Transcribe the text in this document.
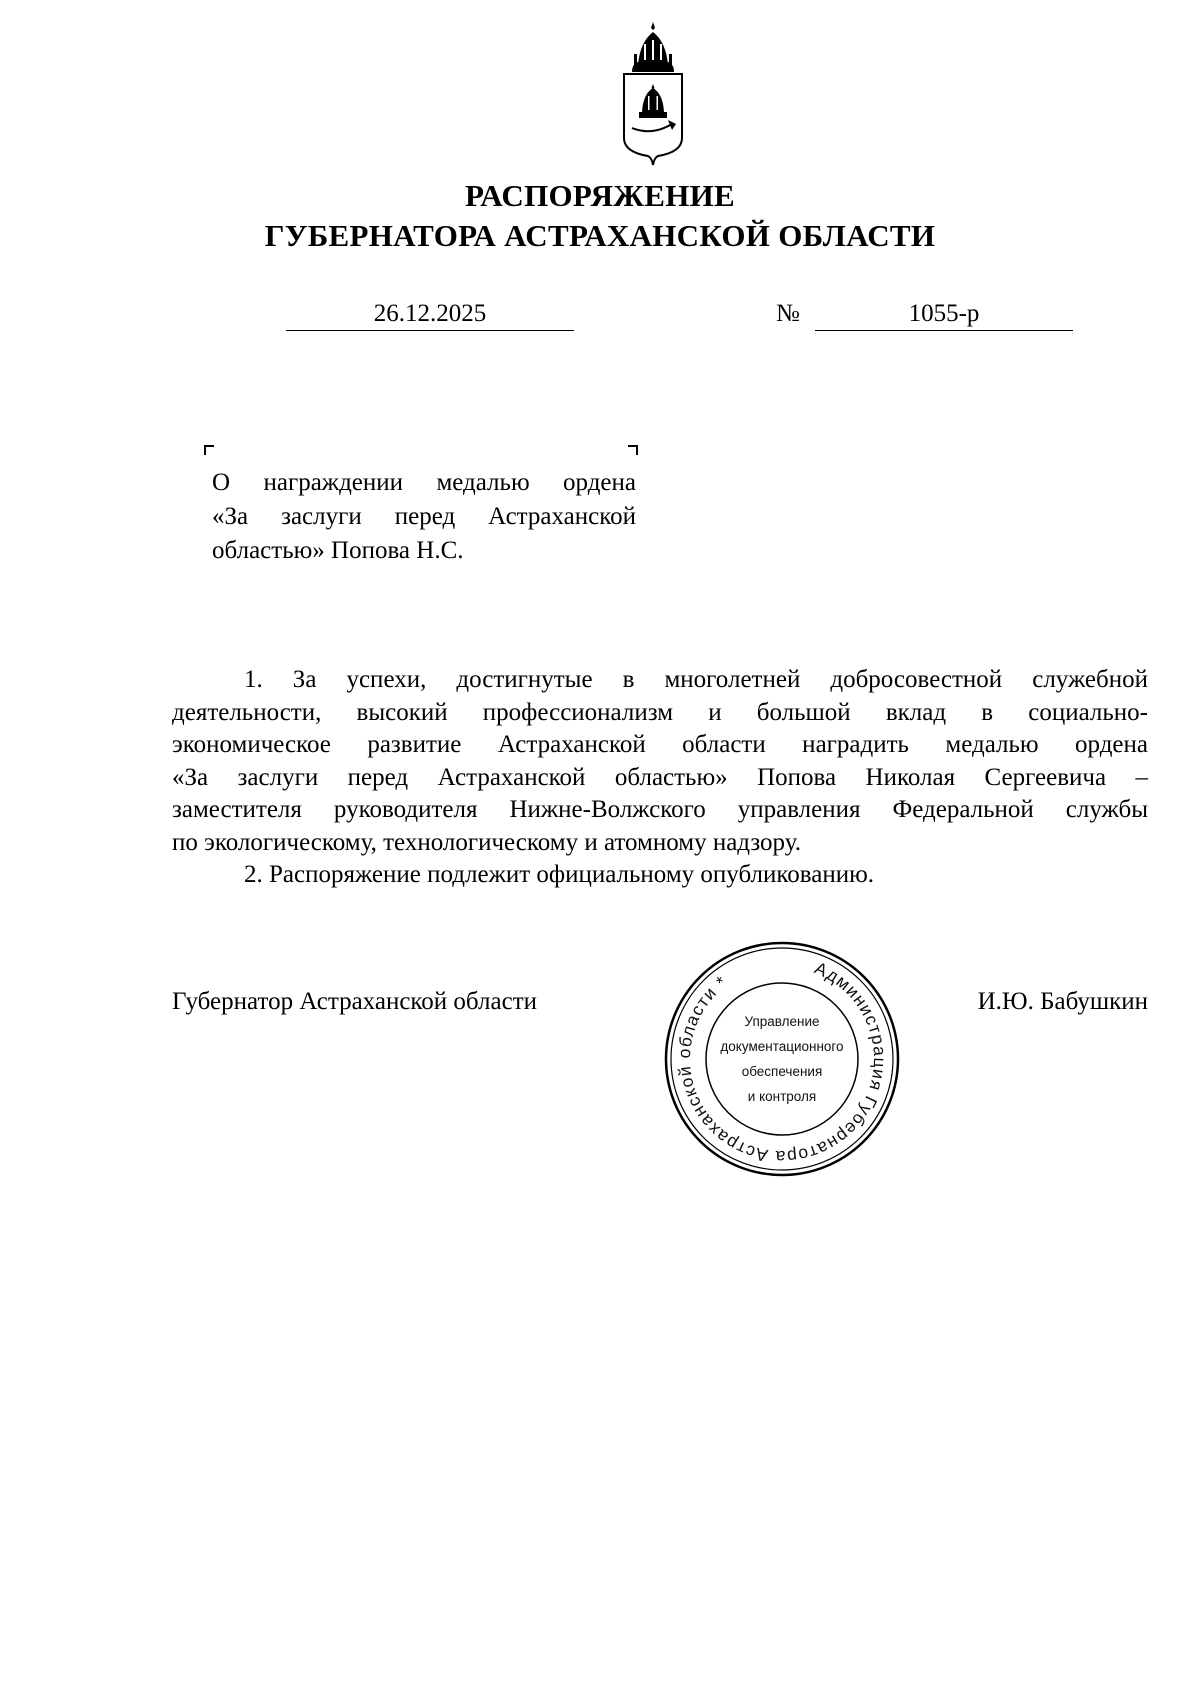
РАСПОРЯЖЕНИЕ
ГУБЕРНАТОРА АСТРАХАНСКОЙ ОБЛАСТИ
26.12.2025	№	1055-р
О награждении медалью ордена
«За заслуги перед Астраханской
областью» Попова Н.С.
1. За успехи, достигнутые в многолетней добросовестной служебной
деятельности, высокий профессионализм и большой вклад в социально-
экономическое развитие Астраханской области наградить медалью ордена
«За заслуги перед Астраханской областью» Попова Николая Сергеевича –
заместителя руководителя Нижне-Волжского управления Федеральной службы
по экологическому, технологическому и атомному надзору.
2. Распоряжение подлежит официальному опубликованию.
Губернатор Астраханской области	И.Ю. Бабушкин
Администрация Губернатора Астраханской области *
Управление
документационного
обеспечения
и контроля
